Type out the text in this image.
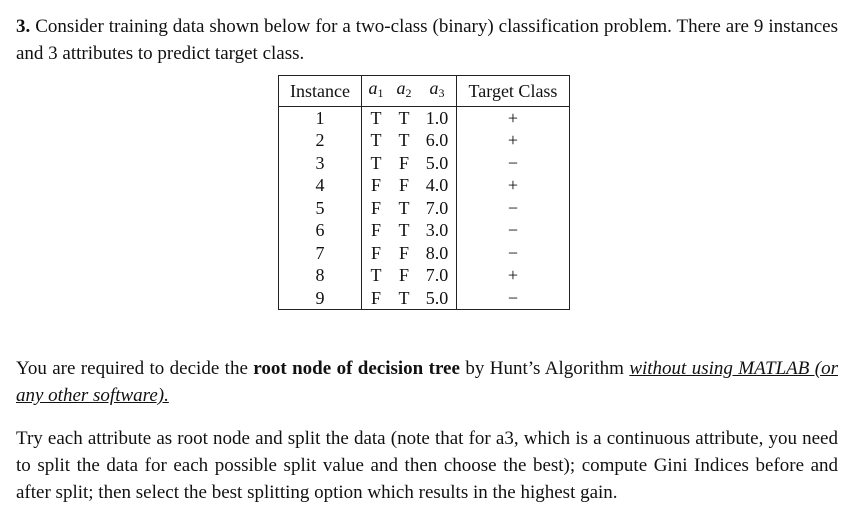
3. Consider training data shown below for a two-class (binary) classification problem. There are 9 instances and 3 attributes to predict target class.

Instance	$a_1$	$a_2$	$a_3$	Target Class
1	T	T	1.0	+
2	T	T	6.0	+
3	T	F	5.0	−
4	F	F	4.0	+
5	F	T	7.0	−
6	F	T	3.0	−
7	F	F	8.0	−
8	T	F	7.0	+
9	F	T	5.0	−

You are required to decide the root node of decision tree by Hunt’s Algorithm without using MATLAB (or any other software).

Try each attribute as root node and split the data (note that for a3, which is a continuous attribute, you need to split the data for each possible split value and then choose the best); compute Gini Indices before and after split; then select the best splitting option which results in the highest gain.
